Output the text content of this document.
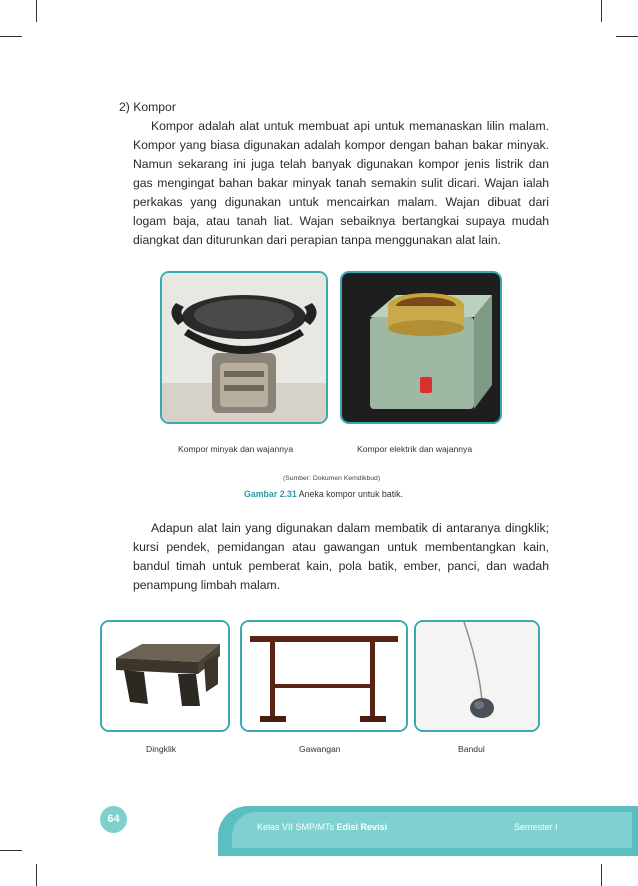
2) Kompor

Kompor adalah alat untuk membuat api untuk memanaskan lilin malam. Kompor yang biasa digunakan adalah kompor dengan bahan bakar minyak. Namun sekarang ini juga telah banyak digunakan kompor jenis listrik dan gas mengingat bahan bakar minyak tanah semakin sulit dicari. Wajan ialah perkakas yang digunakan untuk mencairkan malam. Wajan dibuat dari logam baja, atau tanah liat. Wajan sebaiknya bertangkai supaya mudah diangkat dan diturunkan dari perapian tanpa menggunakan alat lain.

Kompor minyak dan wajannya	Kompor elektrik dan wajannya
(Sumber: Dokumen Kemdikbud)
Gambar 2.31 Aneka kompor untuk batik.

Adapun alat lain yang digunakan dalam membatik di antaranya dingklik; kursi pendek, pemidangan atau gawangan untuk membentangkan kain, bandul timah untuk pemberat kain, pola batik, ember, panci, dan wadah penampung limbah malam.

Dingklik	Gawangan	Bandul
64
Kelas VII SMP/MTs Edisi Revisi	Semester I
